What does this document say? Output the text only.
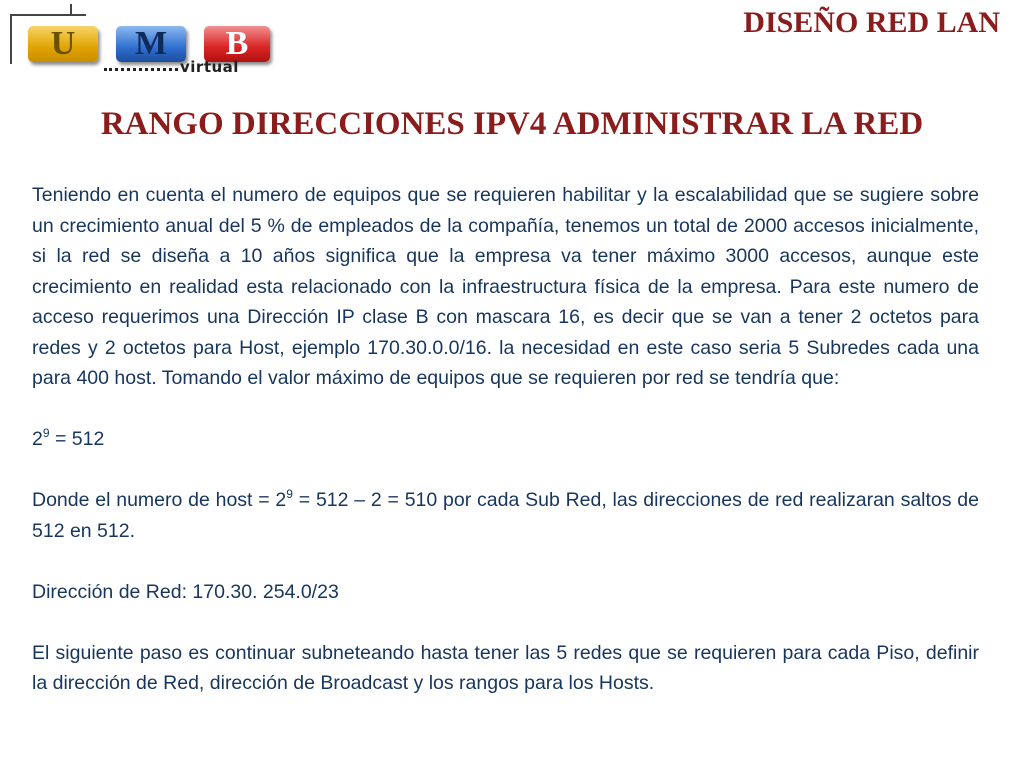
U	M	B
virtual
DISEÑO RED LAN
RANGO DIRECCIONES IPV4 ADMINISTRAR LA RED

Teniendo en cuenta el numero de equipos que se requieren habilitar y la escalabilidad que se sugiere sobre un crecimiento anual del 5 % de empleados de la compañía, tenemos un total de 2000 accesos inicialmente, si la red se diseña a 10 años significa que la empresa va tener máximo 3000 accesos, aunque este crecimiento en realidad esta relacionado con la infraestructura física de la empresa. Para este numero de acceso requerimos una Dirección IP clase B con mascara 16, es decir que se van a tener 2 octetos para redes y 2 octetos para Host, ejemplo 170.30.0.0/16. la necesidad en este caso seria 5 Subredes cada una para 400 host. Tomando el valor máximo de equipos que se requieren por red se tendría que:

$2^9 = 512$

Donde el numero de host = $2^9 = 512 - 2 = 510$ por cada Sub Red, las direcciones de red realizaran saltos de 512 en 512.

Dirección de Red: 170.30. 254.0/23

El siguiente paso es continuar subneteando hasta tener las 5 redes que se requieren para cada Piso, definir la dirección de Red, dirección de Broadcast y los rangos para los Hosts.
